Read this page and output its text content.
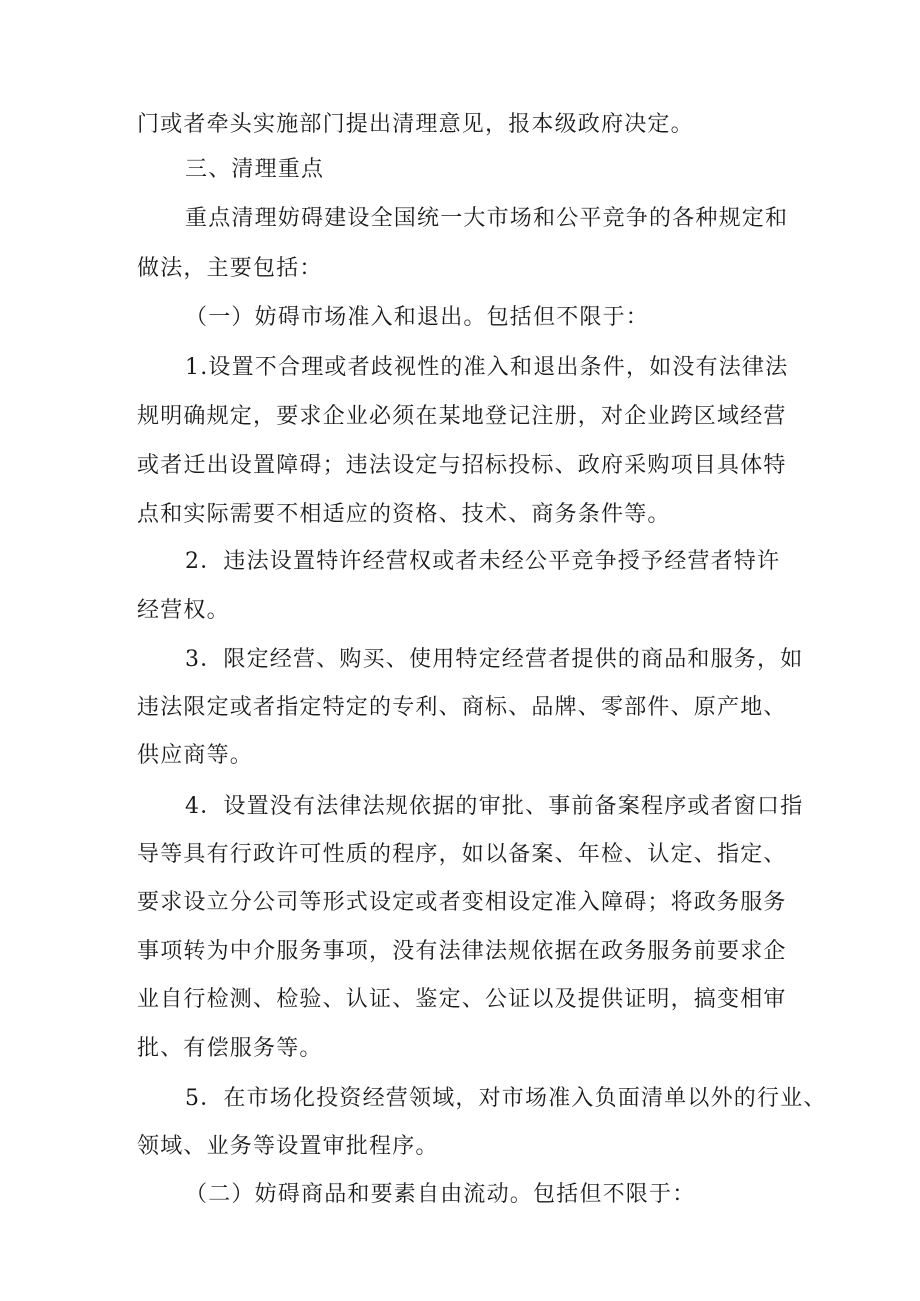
门或者牵头实施部门提出清理意见，报本级政府决定。
三、清理重点
重点清理妨碍建设全国统一大市场和公平竞争的各种规定和
做法，主要包括：
（一）妨碍市场准入和退出。包括但不限于：
1.设置不合理或者歧视性的准入和退出条件，如没有法律法
规明确规定，要求企业必须在某地登记注册，对企业跨区域经营
或者迁出设置障碍；违法设定与招标投标、政府采购项目具体特
点和实际需要不相适应的资格、技术、商务条件等。
2．违法设置特许经营权或者未经公平竞争授予经营者特许
经营权。
3．限定经营、购买、使用特定经营者提供的商品和服务，如
违法限定或者指定特定的专利、商标、品牌、零部件、原产地、
供应商等。
4．设置没有法律法规依据的审批、事前备案程序或者窗口指
导等具有行政许可性质的程序，如以备案、年检、认定、指定、
要求设立分公司等形式设定或者变相设定准入障碍；将政务服务
事项转为中介服务事项，没有法律法规依据在政务服务前要求企
业自行检测、检验、认证、鉴定、公证以及提供证明，搞变相审
批、有偿服务等。
5．在市场化投资经营领域，对市场准入负面清单以外的行业、
领域、业务等设置审批程序。
（二）妨碍商品和要素自由流动。包括但不限于：
